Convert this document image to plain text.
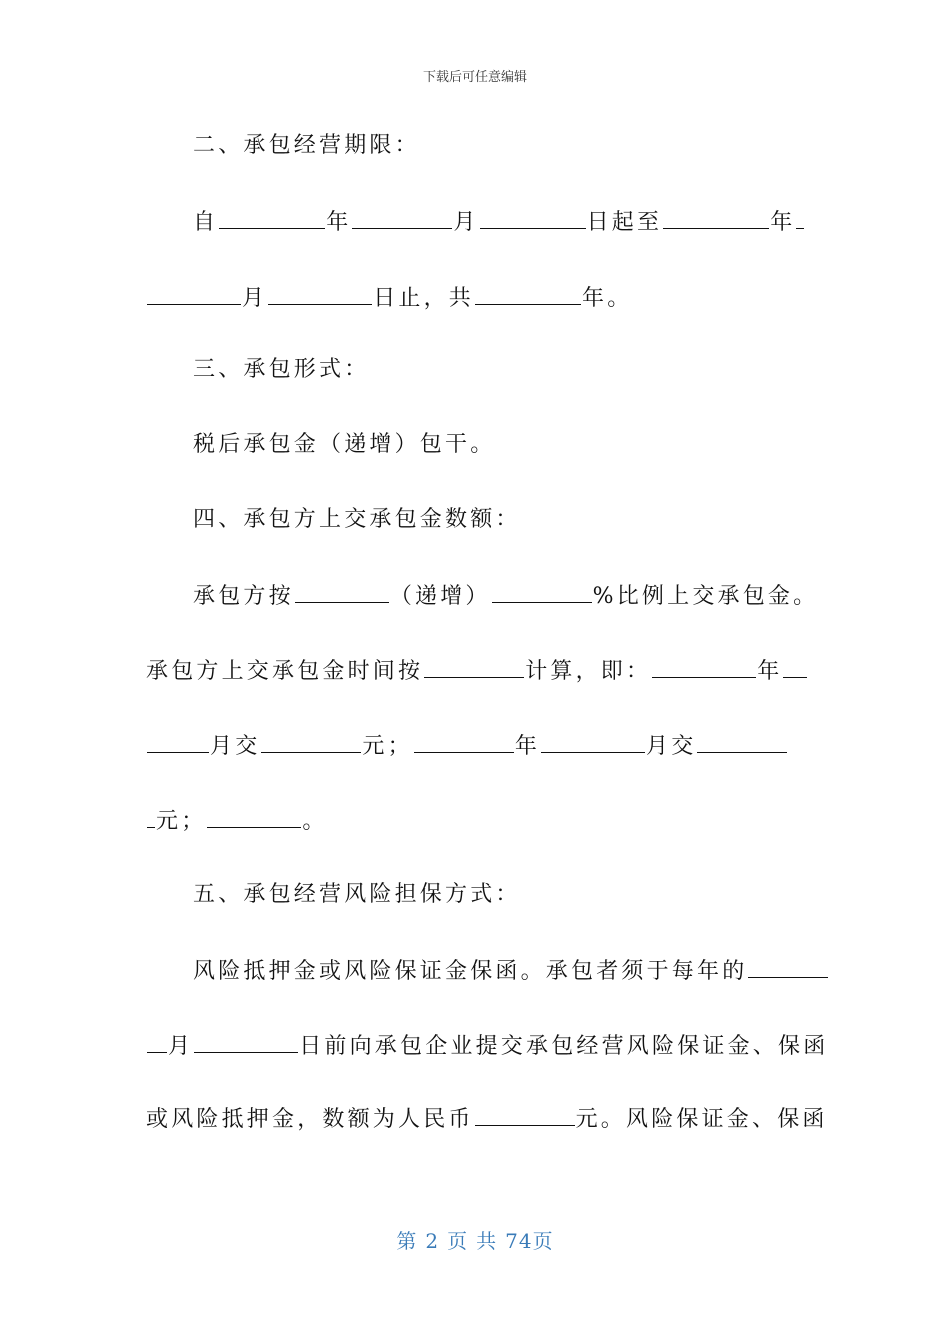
下载后可任意编辑
二、承包经营期限：
自	年	月	日起至	年
月	日止，共	年。
三、承包形式：
税后承包金（递增）包干。
四、承包方上交承包金数额：
承包方按	（递增）	%比例上交承包金。
承包方上交承包金时间按	计算，即：	年
月交	元；	年	月交
元；	。
五、承包经营风险担保方式：
风险抵押金或风险保证金保函。承包者须于每年的
月	日前向承包企业提交承包经营风险保证金、保函
或风险抵押金，数额为人民币	元。风险保证金、保函
第 2 页 共 74页
